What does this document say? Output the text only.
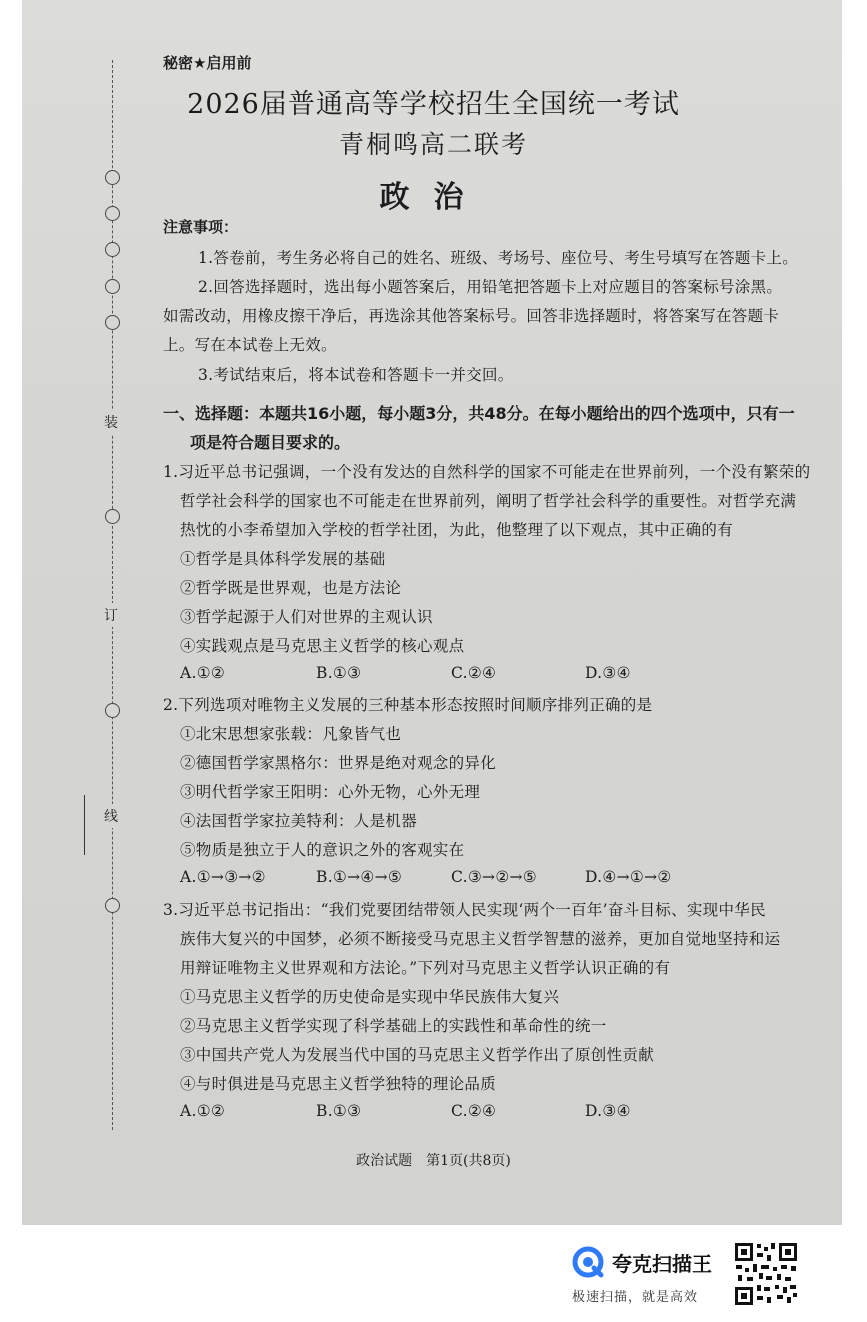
装
订
线
秘密★启用前
2026届普通高等学校招生全国统一考试
青桐鸣高二联考
政治
注意事项：
1.答卷前，考生务必将自己的姓名、班级、考场号、座位号、考生号填写在答题卡上。
2.回答选择题时，选出每小题答案后，用铅笔把答题卡上对应题目的答案标号涂黑。
如需改动，用橡皮擦干净后，再选涂其他答案标号。回答非选择题时，将答案写在答题卡
上。写在本试卷上无效。
3.考试结束后，将本试卷和答题卡一并交回。
一、选择题：本题共16小题，每小题3分，共48分。在每小题给出的四个选项中，只有一
项是符合题目要求的。
1.习近平总书记强调，一个没有发达的自然科学的国家不可能走在世界前列，一个没有繁荣的
哲学社会科学的国家也不可能走在世界前列，阐明了哲学社会科学的重要性。对哲学充满
热忱的小李希望加入学校的哲学社团，为此，他整理了以下观点，其中正确的有
①哲学是具体科学发展的基础
②哲学既是世界观，也是方法论
③哲学起源于人们对世界的主观认识
④实践观点是马克思主义哲学的核心观点
A.①②	B.①③	C.②④	D.③④
2.下列选项对唯物主义发展的三种基本形态按照时间顺序排列正确的是
①北宋思想家张载：凡象皆气也
②德国哲学家黑格尔：世界是绝对观念的异化
③明代哲学家王阳明：心外无物，心外无理
④法国哲学家拉美特利：人是机器
⑤物质是独立于人的意识之外的客观实在
A.①→③→②	B.①→④→⑤	C.③→②→⑤	D.④→①→②
3.习近平总书记指出：“我们党要团结带领人民实现‘两个一百年’奋斗目标、实现中华民
族伟大复兴的中国梦，必须不断接受马克思主义哲学智慧的滋养，更加自觉地坚持和运
用辩证唯物主义世界观和方法论。”下列对马克思主义哲学认识正确的有
①马克思主义哲学的历史使命是实现中华民族伟大复兴
②马克思主义哲学实现了科学基础上的实践性和革命性的统一
③中国共产党人为发展当代中国的马克思主义哲学作出了原创性贡献
④与时俱进是马克思主义哲学独特的理论品质
A.①②	B.①③	C.②④	D.③④
政治试题　第1页(共8页)
夸克扫描王
极速扫描，就是高效
